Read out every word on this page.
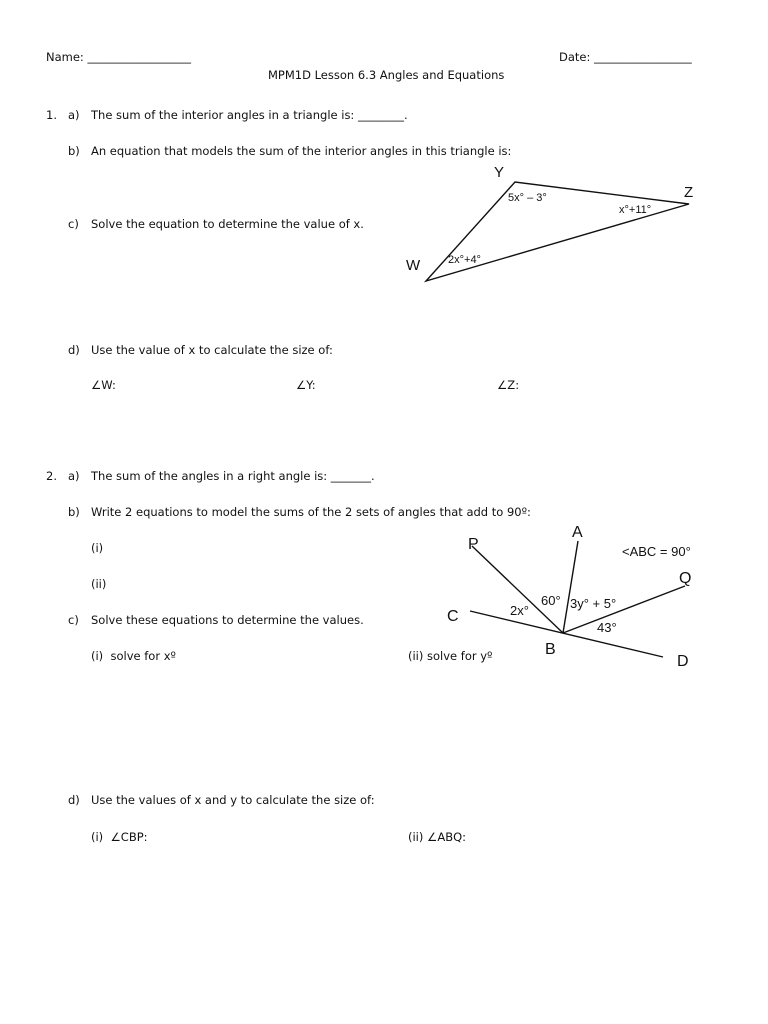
Name: __________________	Date: _________________
MPM1D Lesson 6.3 Angles and Equations
1. a) The sum of the interior angles in a triangle is: ________.
b) An equation that models the sum of the interior angles in this triangle is:
c) Solve the equation to determine the value of x.
d) Use the value of x to calculate the size of:
∠W:	∠Y:	∠Z:
Y
Z
W
5x° – 3°
x°+11°
2x°+4°
2. a) The sum of the angles in a right angle is: _______.
b) Write 2 equations to model the sums of the 2 sets of angles that add to 90º:
(i)
(ii)
c) Solve these equations to determine the values.
(i)  solve for xº	(ii) solve for yº
d) Use the values of x and y to calculate the size of:
(i)  ∠CBP:	(ii) ∠ABQ:
P
A
Q
C
B
D
<ABC = 90°
2x°
60° 3y° + 5°
43°
